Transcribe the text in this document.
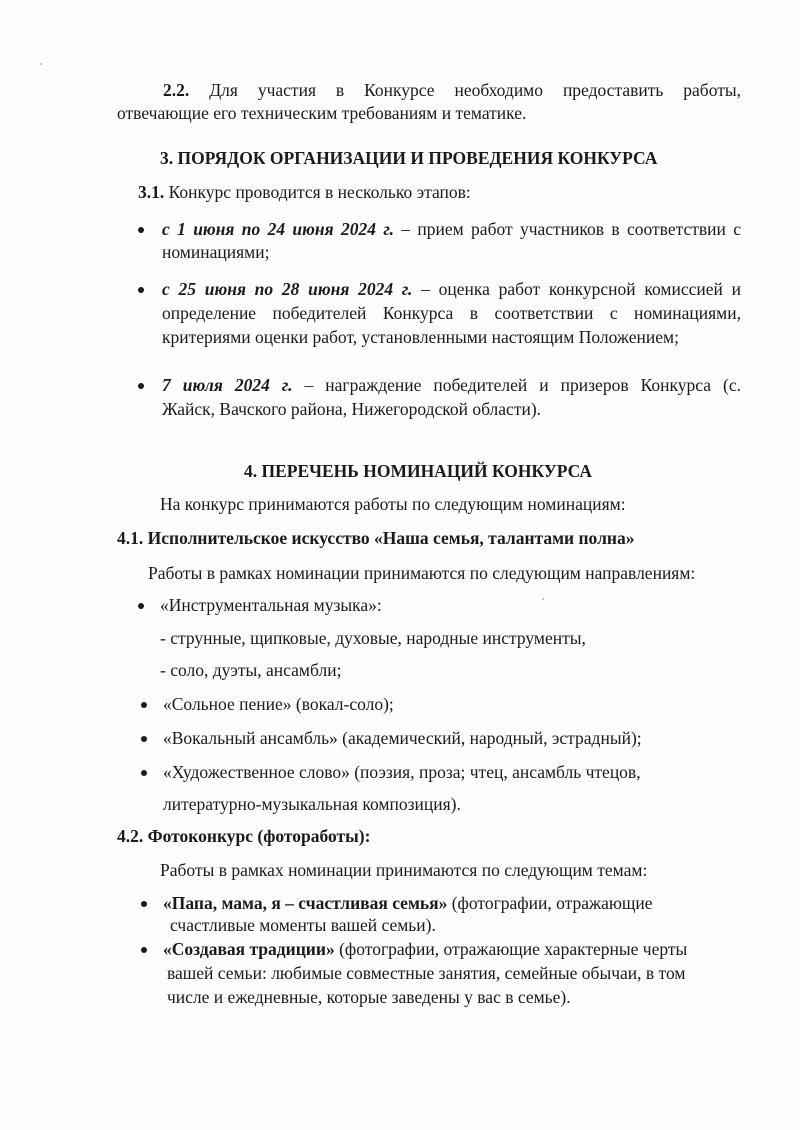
2.2. Для участия в Конкурсе необходимо предоставить работы,
отвечающие его техническим требованиям и тематике.
3. ПОРЯДОК ОРГАНИЗАЦИИ И ПРОВЕДЕНИЯ КОНКУРСА
3.1. Конкурс проводится в несколько этапов:
с 1 июня по 24 июня 2024 г. – прием работ участников в соответствии с
номинациями;
с 25 июня по 28 июня 2024 г. – оценка работ конкурсной комиссией и
определение победителей Конкурса в соответствии с номинациями,
критериями оценки работ, установленными настоящим Положением;
7 июля 2024 г. – награждение победителей и призеров Конкурса (с.
Жайск, Вачского района, Нижегородской области).
4. ПЕРЕЧЕНЬ НОМИНАЦИЙ КОНКУРСА
На конкурс принимаются работы по следующим номинациям:
4.1. Исполнительское искусство «Наша семья, талантами полна»
Работы в рамках номинации принимаются по следующим направлениям:
«Инструментальная музыка»:
- струнные, щипковые, духовые, народные инструменты,
- соло, дуэты, ансамбли;
«Сольное пение» (вокал-соло);
«Вокальный ансамбль» (академический, народный, эстрадный);
«Художественное слово» (поэзия, проза; чтец, ансамбль чтецов,
литературно-музыкальная композиция).
4.2. Фотоконкурс (фоторaботы):
Работы в рамках номинации принимаются по следующим темам:
«Папа, мама, я – счастливая семья» (фотографии, отражающие
счастливые моменты вашей семьи).
«Создавая традиции» (фотографии, отражающие характерные черты
вашей семьи: любимые совместные занятия, семейные обычаи, в том
числе и ежедневные, которые заведены у вас в семье).
